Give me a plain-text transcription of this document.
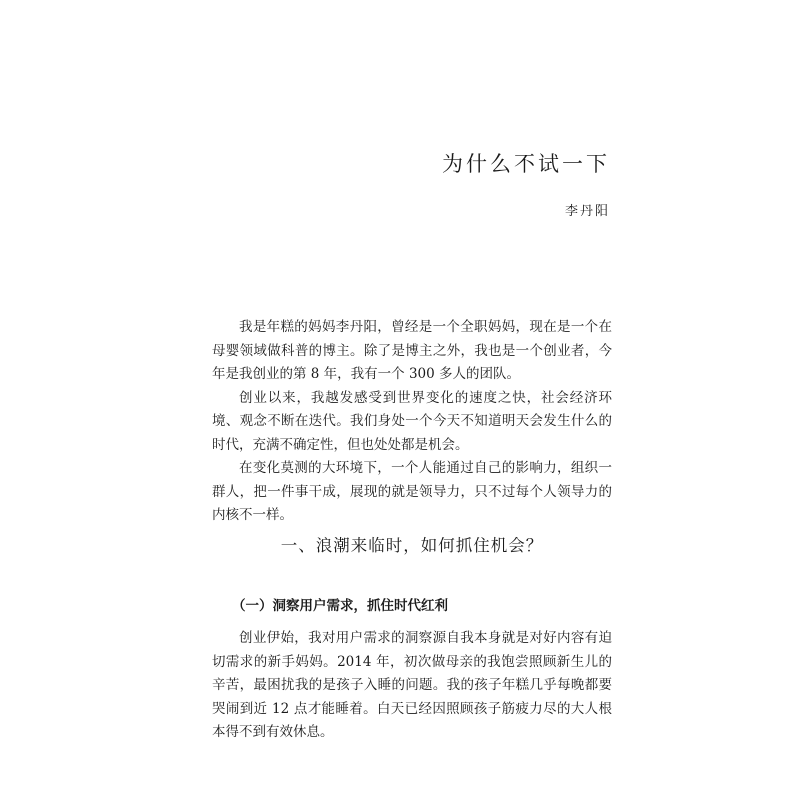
为什么不试一下
李丹阳

我是年糕的妈妈李丹阳，曾经是一个全职妈妈，现在是一个在母婴领域做科普的博主。除了是博主之外，我也是一个创业者，今年是我创业的第 8 年，我有一个 300 多人的团队。

创业以来，我越发感受到世界变化的速度之快，社会经济环境、观念不断在迭代。我们身处一个今天不知道明天会发生什么的时代，充满不确定性，但也处处都是机会。

在变化莫测的大环境下，一个人能通过自己的影响力，组织一群人，把一件事干成，展现的就是领导力，只不过每个人领导力的内核不一样。

一、浪潮来临时，如何抓住机会？
（一）洞察用户需求，抓住时代红利

创业伊始，我对用户需求的洞察源自我本身就是对好内容有迫切需求的新手妈妈。2014 年，初次做母亲的我饱尝照顾新生儿的辛苦，最困扰我的是孩子入睡的问题。我的孩子年糕几乎每晚都要哭闹到近 12 点才能睡着。白天已经因照顾孩子筋疲力尽的大人根本得不到有效休息。
